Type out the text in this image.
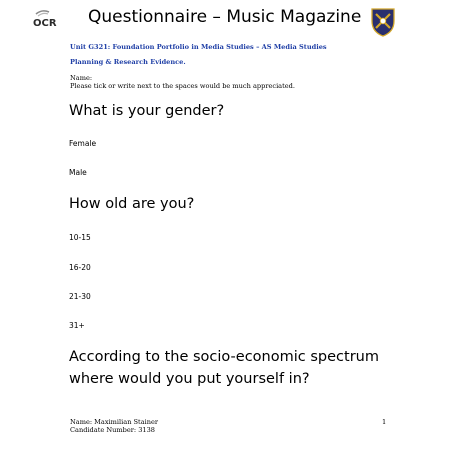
OCR Questionnaire – Music Magazine
Unit G321: Foundation Portfolio in Media Studies – AS Media Studies
Planning & Research Evidence.
Name:
Please tick or write next to the spaces would be much appreciated.
What is your gender?
Female
Male
How old are you?
10-15
16-20
21-30
31+
According to the socio-economic spectrum
where would you put yourself in?
Name: Maximilian Stainer
Candidate Number: 3138
1
